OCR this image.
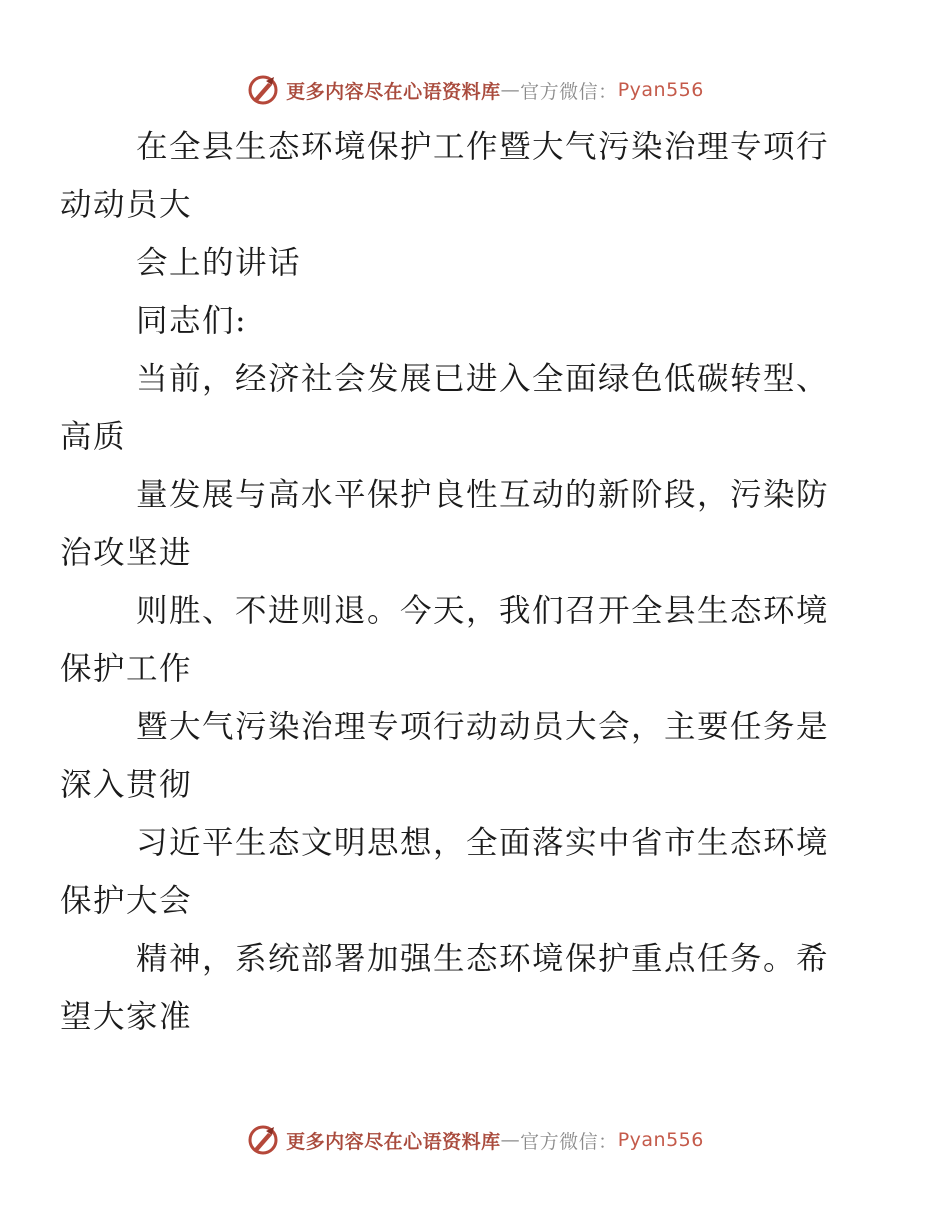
更多内容尽在心语资料库 — 官方微信： Pyan556

在全县生态环境保护工作暨大气污染治理专项行
动动员大

会上的讲话

同志们:

当前，经济社会发展已进入全面绿色低碳转型、
高质

量发展与高水平保护良性互动的新阶段，污染防
治攻坚进

则胜、不进则退。今天，我们召开全县生态环境
保护工作

暨大气污染治理专项行动动员大会，主要任务是
深入贯彻

习近平生态文明思想，全面落实中省市生态环境
保护大会

精神，系统部署加强生态环境保护重点任务。希
望大家准

更多内容尽在心语资料库 — 官方微信： Pyan556
